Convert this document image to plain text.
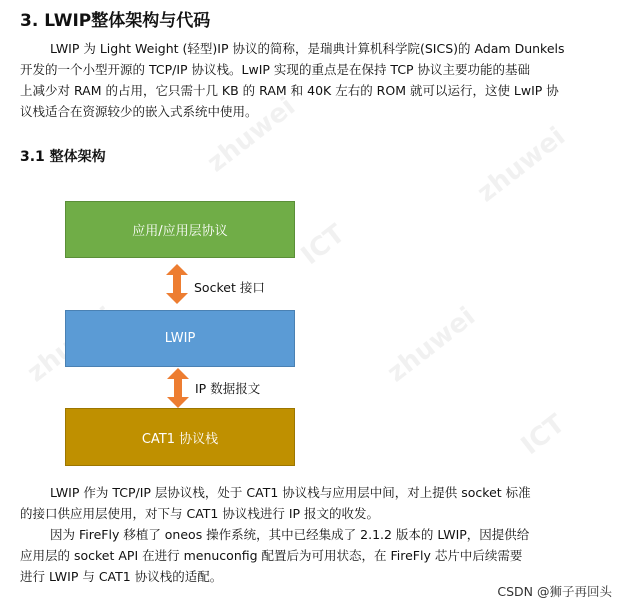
zhuwei
ICT
zhuwei
zhuwei
ICT
3. LWIP整体架构与代码
LWIP 为 Light Weight (轻型)IP 协议的简称，是瑞典计算机科学院(SICS)的 Adam Dunkels
开发的一个小型开源的 TCP/IP 协议栈。LwIP 实现的重点是在保持 TCP 协议主要功能的基础
上减少对 RAM 的占用，它只需十几 KB 的 RAM 和 40K 左右的 ROM 就可以运行，这使 LwIP 协
议栈适合在资源较少的嵌入式系统中使用。
3.1 整体架构
应用/应用层协议
Socket 接口
LWIP
IP 数据报文
CAT1 协议栈
LWIP 作为 TCP/IP 层协议栈，处于 CAT1 协议栈与应用层中间，对上提供 socket 标准
的接口供应用层使用，对下与 CAT1 协议栈进行 IP 报文的收发。
因为 FireFly 移植了 oneos 操作系统，其中已经集成了 2.1.2 版本的 LWIP，因提供给
应用层的 socket API 在进行 menuconfig 配置后为可用状态，在 FireFly 芯片中后续需要
进行 LWIP 与 CAT1 协议栈的适配。
CSDN @狮子再回头
